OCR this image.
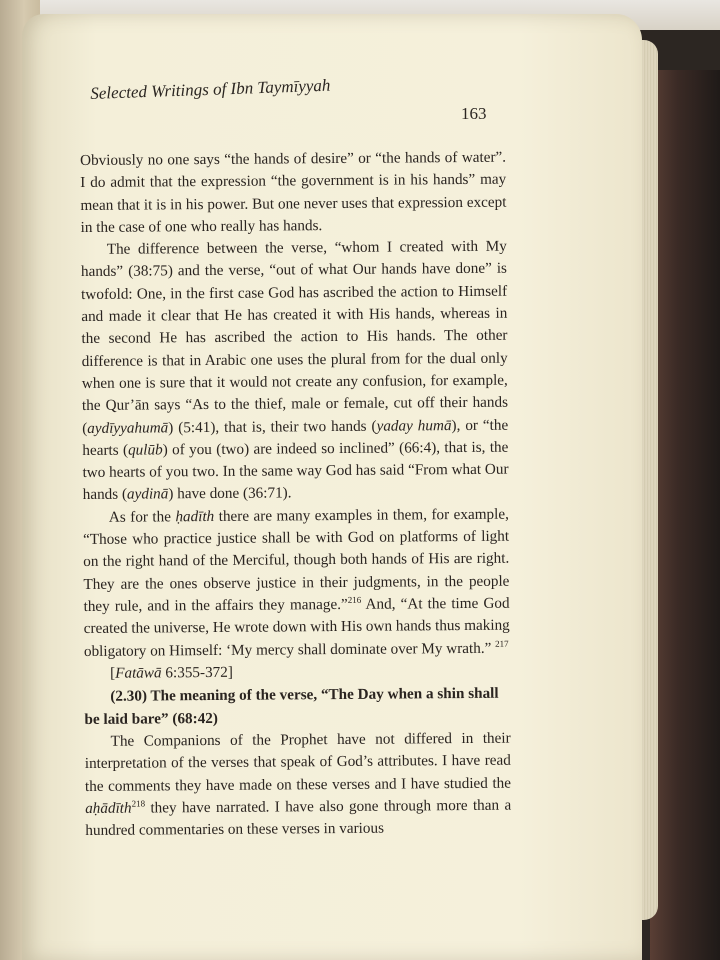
Selected Writings of Ibn Taymīyyah
163

Obviously no one says “the hands of desire” or “the hands of water”. I do admit that the expression “the government is in his hands” may mean that it is in his power. But one never uses that expression except in the case of one who really has hands.

The difference between the verse, “whom I created with My hands” (38:75) and the verse, “out of what Our hands have done” is twofold: One, in the first case God has ascribed the action to Himself and made it clear that He has created it with His hands, whereas in the second He has ascribed the action to His hands. The other difference is that in Arabic one uses the plural from for the dual only when one is sure that it would not create any confusion, for example, the Qur’ān says “As to the thief, male or female, cut off their hands (aydīyyahumā) (5:41), that is, their two hands (yaday humā), or “the hearts (qulūb) of you (two) are indeed so inclined” (66:4), that is, the two hearts of you two. In the same way God has said “From what Our hands (aydinā) have done (36:71).

As for the ḥadīth there are many examples in them, for example, “Those who practice justice shall be with God on platforms of light on the right hand of the Merciful, though both hands of His are right. They are the ones observe justice in their judgments, in the people they rule, and in the affairs they manage.”$^{216}$ And, “At the time God created the universe, He wrote down with His own hands thus making obligatory on Himself: ‘My mercy shall dominate over My wrath.” $^{217}$

[Fatāwā 6:355-372]

(2.30) The meaning of the verse, “The Day when a shin shall be laid bare” (68:42)

The Companions of the Prophet have not differed in their interpretation of the verses that speak of God’s attributes. I have read the comments they have made on these verses and I have studied the aḥādīth$^{218}$ they have narrated. I have also gone through more than a hundred commentaries on these verses in various
